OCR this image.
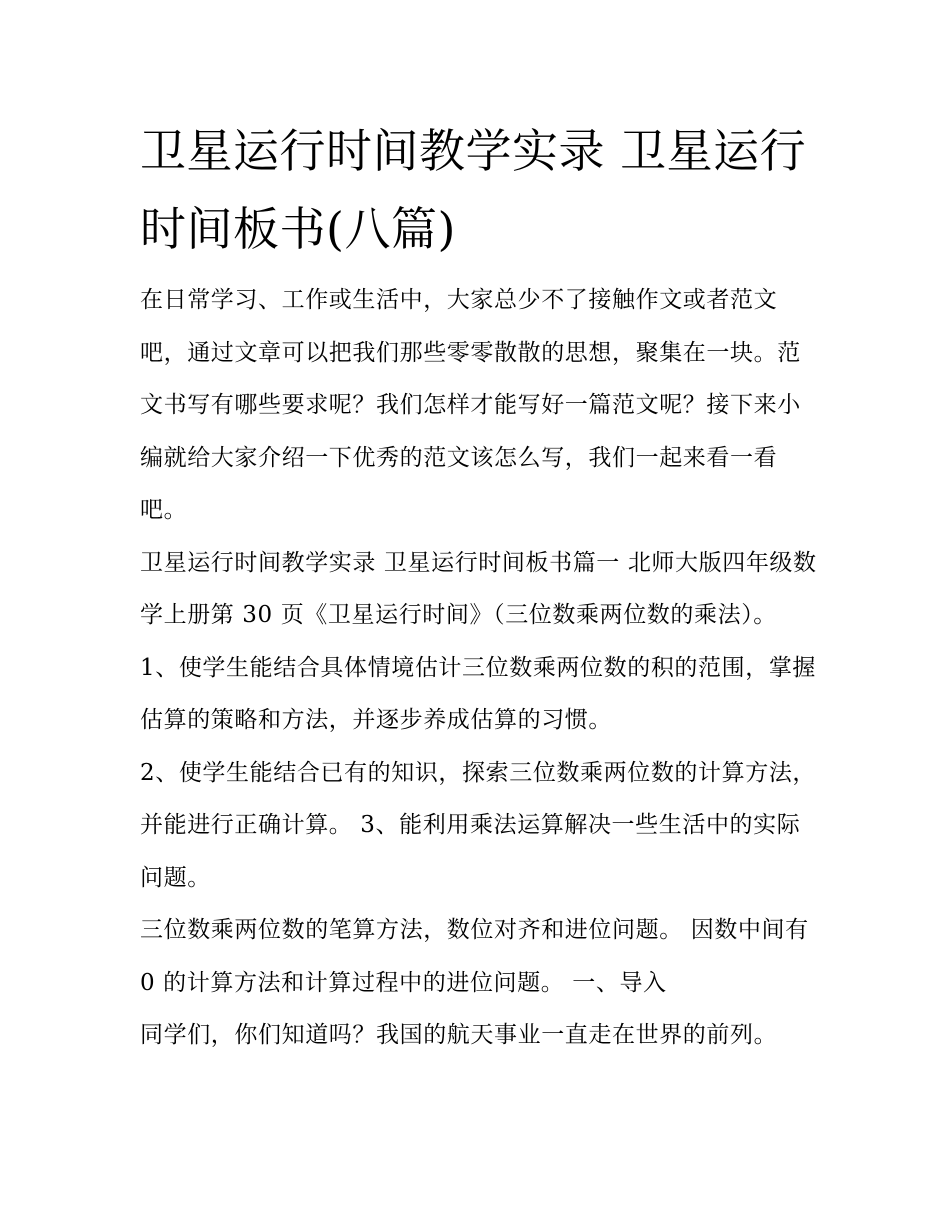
卫星运行时间教学实录 卫星运行时间板书(八篇)

在日常学习、工作或生活中，大家总少不了接触作文或者范文吧，通过文章可以把我们那些零零散散的思想，聚集在一块。范文书写有哪些要求呢？我们怎样才能写好一篇范文呢？接下来小编就给大家介绍一下优秀的范文该怎么写，我们一起来看一看吧。

卫星运行时间教学实录 卫星运行时间板书篇一 北师大版四年级数学上册第 30 页《卫星运行时间》（三位数乘两位数的乘法）。

1、使学生能结合具体情境估计三位数乘两位数的积的范围，掌握估算的策略和方法，并逐步养成估算的习惯。

2、使学生能结合已有的知识，探索三位数乘两位数的计算方法，并能进行正确计算。 3、能利用乘法运算解决一些生活中的实际问题。

三位数乘两位数的笔算方法，数位对齐和进位问题。 因数中间有 0 的计算方法和计算过程中的进位问题。 一、导入

同学们，你们知道吗？我国的航天事业一直走在世界的前列。
